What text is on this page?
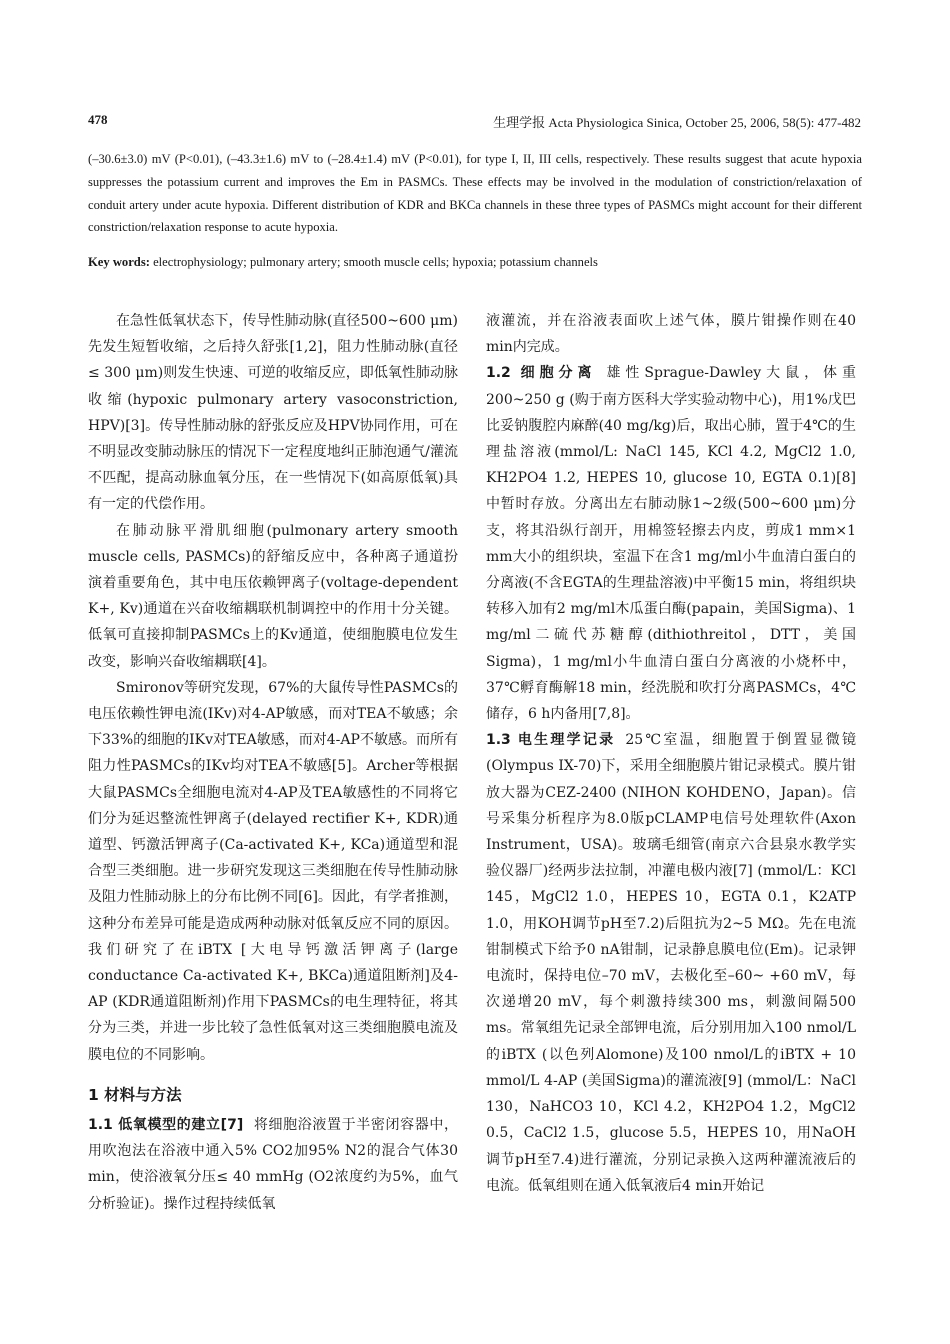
478	生理学报 Acta Physiologica Sinica, October 25, 2006, 58(5): 477-482

(–30.6±3.0) mV (P<0.01), (–43.3±1.6) mV to (–28.4±1.4) mV (P<0.01), for type I, II, III cells, respectively. These results suggest that acute hypoxia suppresses the potassium current and improves the Em in PASMCs. These effects may be involved in the modulation of constriction/relaxation of conduit artery under acute hypoxia. Different distribution of KDR and BKCa channels in these three types of PASMCs might account for their different constriction/relaxation response to acute hypoxia.

Key words: electrophysiology; pulmonary artery; smooth muscle cells; hypoxia; potassium channels

在急性低氧状态下，传导性肺动脉(直径500~600 μm)先发生短暂收缩，之后持久舒张[1,2]，阻力性肺动脉(直径≤ 300 μm)则发生快速、可逆的收缩反应，即低氧性肺动脉收缩(hypoxic pulmonary artery vasoconstriction, HPV)[3]。传导性肺动脉的舒张反应及HPV协同作用，可在不明显改变肺动脉压的情况下一定程度地纠正肺泡通气/灌流不匹配，提高动脉血氧分压，在一些情况下(如高原低氧)具有一定的代偿作用。

在肺动脉平滑肌细胞(pulmonary artery smooth muscle cells, PASMCs)的舒缩反应中，各种离子通道扮演着重要角色，其中电压依赖钾离子(voltage-dependent K+, Kv)通道在兴奋收缩耦联机制调控中的作用十分关键。低氧可直接抑制PASMCs上的Kv通道，使细胞膜电位发生改变，影响兴奋收缩耦联[4]。

Smironov等研究发现，67%的大鼠传导性PASMCs的电压依赖性钾电流(IKv)对4-AP敏感，而对TEA不敏感；余下33%的细胞的IKv对TEA敏感，而对4-AP不敏感。而所有阻力性PASMCs的IKv均对TEA不敏感[5]。Archer等根据大鼠PASMCs全细胞电流对4-AP及TEA敏感性的不同将它们分为延迟整流性钾离子(delayed rectifier K+, KDR)通道型、钙激活钾离子(Ca-activated K+, KCa)通道型和混合型三类细胞。进一步研究发现这三类细胞在传导性肺动脉及阻力性肺动脉上的分布比例不同[6]。因此，有学者推测，这种分布差异可能是造成两种动脉对低氧反应不同的原因。我们研究了在iBTX [大电导钙激活钾离子(large conductance Ca-activated K+, BKCa)通道阻断剂]及4-AP (KDR通道阻断剂)作用下PASMCs的电生理特征，将其分为三类，并进一步比较了急性低氧对这三类细胞膜电流及膜电位的不同影响。

1 材料与方法

1.1 低氧模型的建立[7] 将细胞浴液置于半密闭容器中，用吹泡法在浴液中通入5% CO2加95% N2的混合气体30 min，使浴液氧分压≤ 40 mmHg (O2浓度约为5%，血气分析验证)。操作过程持续低氧

液灌流，并在浴液表面吹上述气体，膜片钳操作则在40 min内完成。

1.2 细胞分离 雄性Sprague-Dawley大鼠，体重200~250 g (购于南方医科大学实验动物中心)，用1%戊巴比妥钠腹腔内麻醉(40 mg/kg)后，取出心肺，置于4℃的生理盐溶液(mmol/L: NaCl 145, KCl 4.2, MgCl2 1.0, KH2PO4 1.2, HEPES 10, glucose 10, EGTA 0.1)[8]中暂时存放。分离出左右肺动脉1~2级(500~600 μm)分支，将其沿纵行剖开，用棉签轻擦去内皮，剪成1 mm×1 mm大小的组织块，室温下在含1 mg/ml小牛血清白蛋白的分离液(不含EGTA的生理盐溶液)中平衡15 min，将组织块转移入加有2 mg/ml木瓜蛋白酶(papain，美国Sigma)、1 mg/ml二硫代苏糖醇(dithiothreitol，DTT，美国Sigma)，1 mg/ml小牛血清白蛋白分离液的小烧杯中，37℃孵育酶解18 min，经洗脱和吹打分离PASMCs，4℃储存，6 h内备用[7,8]。

1.3 电生理学记录 25℃室温，细胞置于倒置显微镜(Olympus IX-70)下，采用全细胞膜片钳记录模式。膜片钳放大器为CEZ-2400 (NIHON KOHDENO，Japan)。信号采集分析程序为8.0版pCLAMP电信号处理软件(Axon Instrument，USA)。玻璃毛细管(南京六合县泉水教学实验仪器厂)经两步法拉制，冲灌电极内液[7] (mmol/L：KCl 145，MgCl2 1.0，HEPES 10，EGTA 0.1，K2ATP 1.0，用KOH调节pH至7.2)后阻抗为2~5 MΩ。先在电流钳制模式下给予0 nA钳制，记录静息膜电位(Em)。记录钾电流时，保持电位–70 mV，去极化至–60~ +60 mV，每次递增20 mV，每个刺激持续300 ms，刺激间隔500 ms。常氧组先记录全部钾电流，后分别用加入100 nmol/L的iBTX (以色列Alomone)及100 nmol/L的iBTX + 10 mmol/L 4-AP (美国Sigma)的灌流液[9] (mmol/L：NaCl 130，NaHCO3 10，KCl 4.2，KH2PO4 1.2，MgCl2 0.5，CaCl2 1.5，glucose 5.5，HEPES 10，用NaOH调节pH至7.4)进行灌流，分别记录换入这两种灌流液后的电流。低氧组则在通入低氧液后4 min开始记
